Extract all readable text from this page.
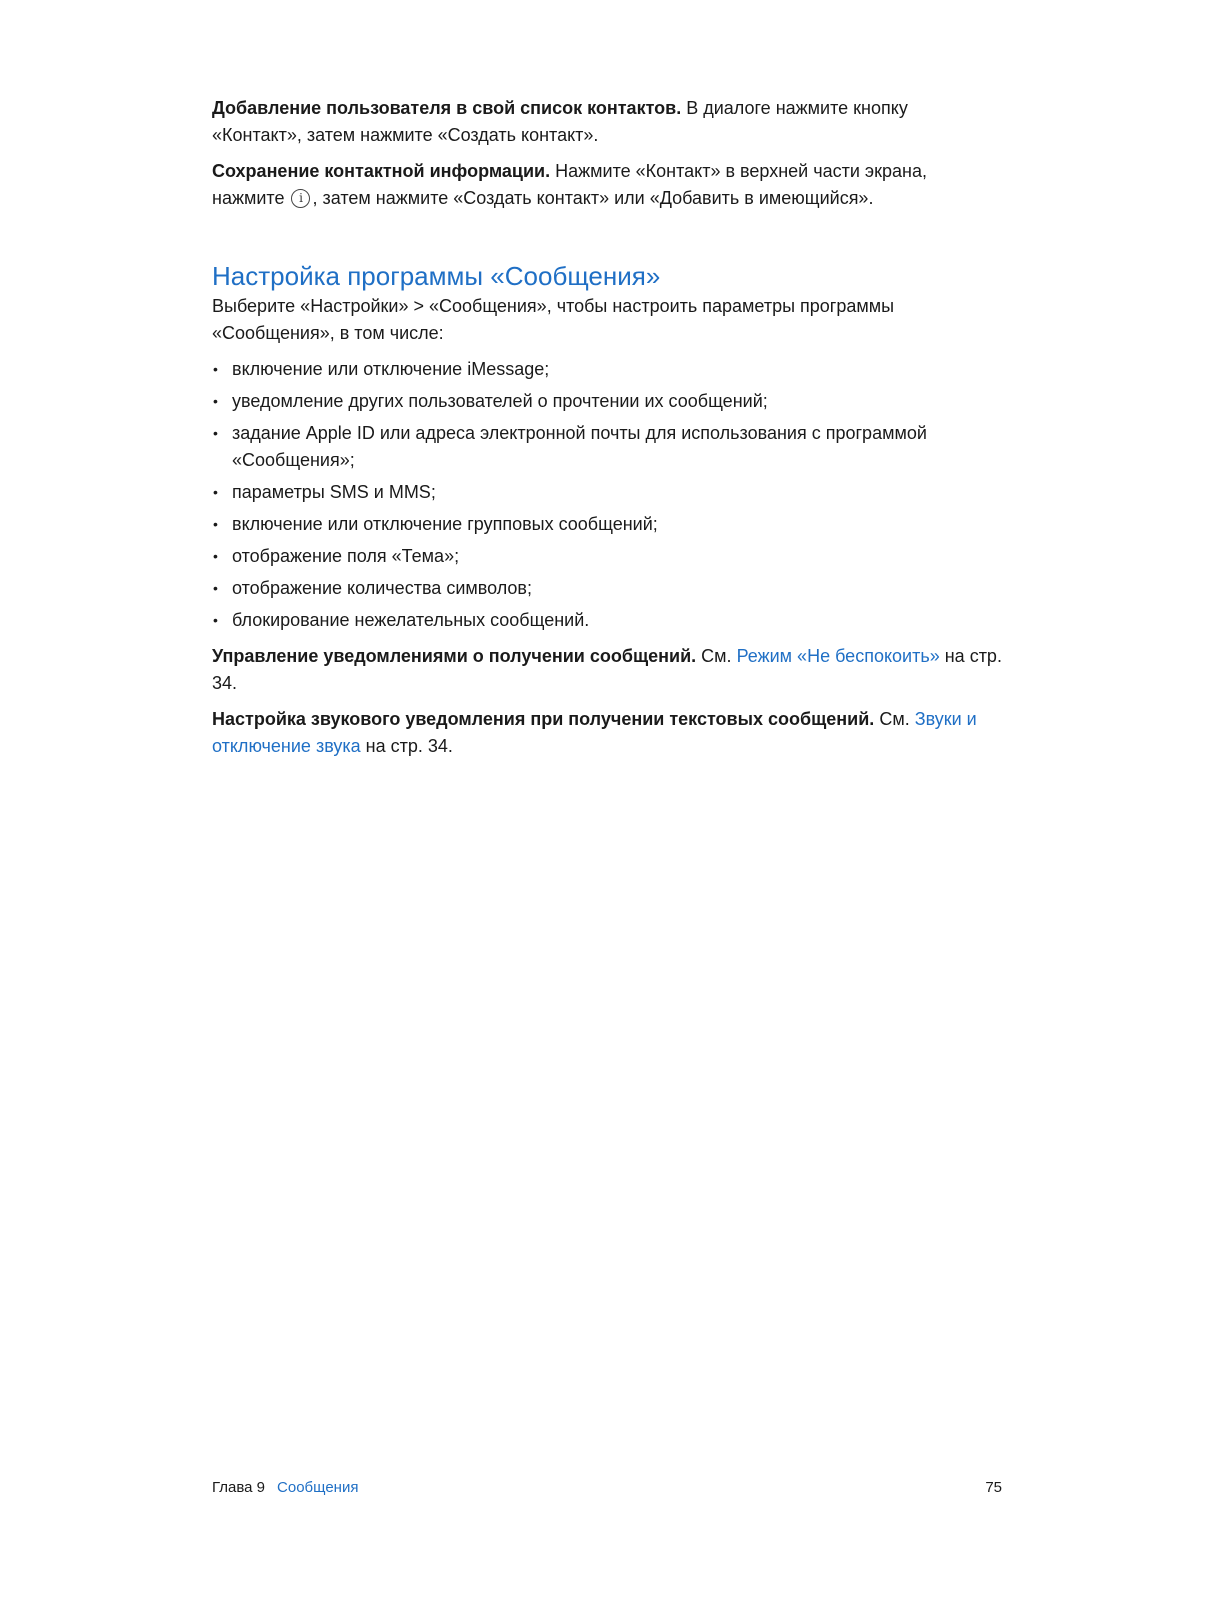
Добавление пользователя в свой список контактов. В диалоге нажмите кнопку «Контакт», затем нажмите «Создать контакт».

Сохранение контактной информации. Нажмите «Контакт» в верхней части экрана, нажмите i , затем нажмите «Создать контакт» или «Добавить в имеющийся».

Настройка программы «Сообщения»

Выберите «Настройки» > «Сообщения», чтобы настроить параметры программы «Сообщения», в том числе:

• включение или отключение iMessage;
• уведомление других пользователей о прочтении их сообщений;
• задание Apple ID или адреса электронной почты для использования с программой «Сообщения»;
• параметры SMS и MMS;
• включение или отключение групповых сообщений;
• отображение поля «Тема»;
• отображение количества символов;
• блокирование нежелательных сообщений.

Управление уведомлениями о получении сообщений. См. Режим «Не беспокоить» на стр. 34.

Настройка звукового уведомления при получении текстовых сообщений. См. Звуки и отключение звука на стр. 34.

Глава 9 Сообщения	75
